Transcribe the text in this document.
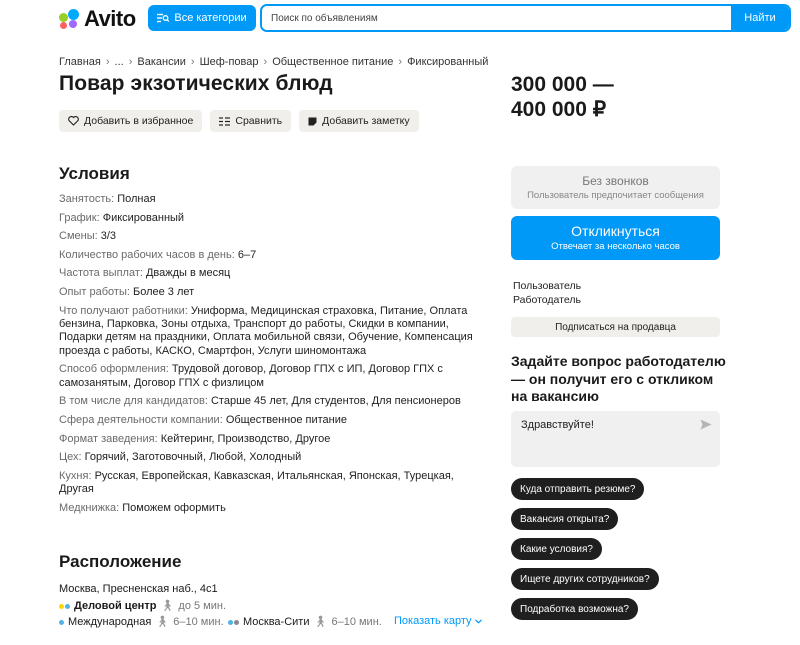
Avito	Все категории
Поиск по объявлениям	Найти
Главная › ... › Вакансии › Шеф-повар › Общественное питание › Фиксированный
Повар экзотических блюд
Добавить в избранное	Сравнить	Добавить заметку
300 000 —
400 000 ₽
Условия
Занятость: Полная
График: Фиксированный
Смены: 3/3
Количество рабочих часов в день: 6–7
Частота выплат: Дважды в месяц
Опыт работы: Более 3 лет
Что получают работники: Униформа, Медицинская страховка, Питание, Оплата бензина, Парковка, Зоны отдыха, Транспорт до работы, Скидки в компании, Подарки детям на праздники, Оплата мобильной связи, Обучение, Компенсация проезда с работы, КАСКО, Смартфон, Услуги шиномонтажа
Способ оформления: Трудовой договор, Договор ГПХ с ИП, Договор ГПХ с самозанятым, Договор ГПХ с физлицом
В том числе для кандидатов: Старше 45 лет, Для студентов, Для пенсионеров
Сфера деятельности компании: Общественное питание
Формат заведения: Кейтеринг, Производство, Другое
Цех: Горячий, Заготовочный, Любой, Холодный
Кухня: Русская, Европейская, Кавказская, Итальянская, Японская, Турецкая, Другая
Медкнижка: Поможем оформить
Расположение
Москва, Пресненская наб., 4с1
Деловой центр 🚶︎ до 5 мин.
Международная 🚶︎ 6–10 мин. Москва-Сити 🚶︎ 6–10 мин. Показать карту
Без звонков
Пользователь предпочитает сообщения
Откликнуться
Отвечает за несколько часов
Пользователь
Работодатель
Подписаться на продавца
Задайте вопрос работодателю — он получит его с откликом на вакансию
Здравствуйте!
Куда отправить резюме?
Вакансия открыта?
Какие условия?
Ищете других сотрудников?
Подработка возможна?
